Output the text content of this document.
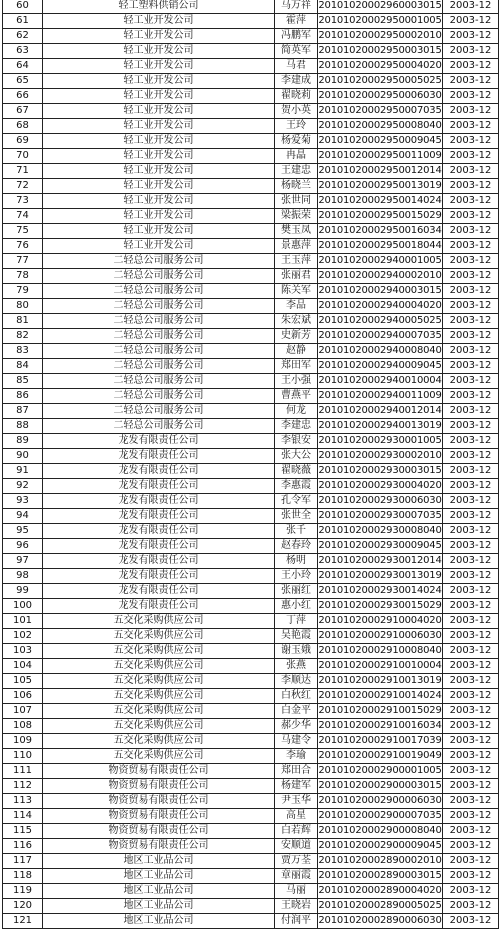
60	轻工塑料供销公司	马万祥	20101020002960003015	2003-12
61	轻工业开发公司	霍萍	20101020002950001005	2003-12
62	轻工业开发公司	冯鹏军	20101020002950002010	2003-12
63	轻工业开发公司	简英军	20101020002950003015	2003-12
64	轻工业开发公司	马君	20101020002950004020	2003-12
65	轻工业开发公司	李建成	20101020002950005025	2003-12
66	轻工业开发公司	翟晓莉	20101020002950006030	2003-12
67	轻工业开发公司	贺小英	20101020002950007035	2003-12
68	轻工业开发公司	王玲	20101020002950008040	2003-12
69	轻工业开发公司	杨爱菊	20101020002950009045	2003-12
70	轻工业开发公司	冉晶	20101020002950011009	2003-12
71	轻工业开发公司	王建忠	20101020002950012014	2003-12
72	轻工业开发公司	杨晓兰	20101020002950013019	2003-12
73	轻工业开发公司	张世同	20101020002950014024	2003-12
74	轻工业开发公司	梁振荣	20101020002950015029	2003-12
75	轻工业开发公司	樊玉凤	20101020002950016034	2003-12
76	轻工业开发公司	景惠萍	20101020002950018044	2003-12
77	二轻总公司服务公司	王玉萍	20101020002940001005	2003-12
78	二轻总公司服务公司	张丽君	20101020002940002010	2003-12
79	二轻总公司服务公司	陈关军	20101020002940003015	2003-12
80	二轻总公司服务公司	李品	20101020002940004020	2003-12
81	二轻总公司服务公司	朱宏斌	20101020002940005025	2003-12
82	二轻总公司服务公司	史新芳	20101020002940007035	2003-12
83	二轻总公司服务公司	赵静	20101020002940008040	2003-12
84	二轻总公司服务公司	郑田军	20101020002940009045	2003-12
85	二轻总公司服务公司	王小强	20101020002940010004	2003-12
86	二轻总公司服务公司	曹燕平	20101020002940011009	2003-12
87	二轻总公司服务公司	何龙	20101020002940012014	2003-12
88	二轻总公司服务公司	李建忠	20101020002940013019	2003-12
89	龙发有限责任公司	李银安	20101020002930001005	2003-12
90	龙发有限责任公司	张大公	20101020002930002010	2003-12
91	龙发有限责任公司	翟晓薇	20101020002930003015	2003-12
92	龙发有限责任公司	李惠霞	20101020002930004020	2003-12
93	龙发有限责任公司	孔令军	20101020002930006030	2003-12
94	龙发有限责任公司	张世全	20101020002930007035	2003-12
95	龙发有限责任公司	张千	20101020002930008040	2003-12
96	龙发有限责任公司	赵春玲	20101020002930009045	2003-12
97	龙发有限责任公司	杨明	20101020002930012014	2003-12
98	龙发有限责任公司	王小玲	20101020002930013019	2003-12
99	龙发有限责任公司	张丽红	20101020002930014024	2003-12
100	龙发有限责任公司	惠小红	20101020002930015029	2003-12
101	五交化采购供应公司	丁萍	20101020002910004020	2003-12
102	五交化采购供应公司	吴艳霞	20101020002910006030	2003-12
103	五交化采购供应公司	谢玉娥	20101020002910008040	2003-12
104	五交化采购供应公司	张燕	20101020002910010004	2003-12
105	五交化采购供应公司	李顺达	20101020002910013019	2003-12
106	五交化采购供应公司	白秋红	20101020002910014024	2003-12
107	五交化采购供应公司	白金平	20101020002910015029	2003-12
108	五交化采购供应公司	郝少华	20101020002910016034	2003-12
109	五交化采购供应公司	马建令	20101020002910017039	2003-12
110	五交化采购供应公司	李瑜	20101020002910019049	2003-12
111	物资贸易有限责任公司	郑田合	20101020002900001005	2003-12
112	物资贸易有限责任公司	杨建军	20101020002900003015	2003-12
113	物资贸易有限责任公司	尹玉华	20101020002900006030	2003-12
114	物资贸易有限责任公司	高星	20101020002900007035	2003-12
115	物资贸易有限责任公司	白若辉	20101020002900008040	2003-12
116	物资贸易有限责任公司	安顺道	20101020002900009045	2003-12
117	地区工业品公司	贾万荃	20101020002890002010	2003-12
118	地区工业品公司	章丽霞	20101020002890003015	2003-12
119	地区工业品公司	马丽	20101020002890004020	2003-12
120	地区工业品公司	王晓岩	20101020002890005025	2003-12
121	地区工业品公司	付润平	20101020002890006030	2003-12
